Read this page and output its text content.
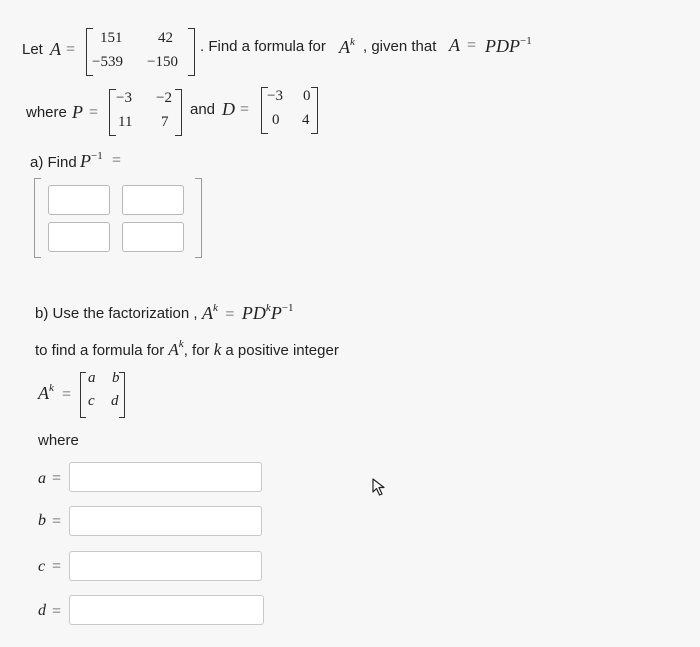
Let A =
151 42
−539 −150
. Find a formula for $A^k$ , given that $A = PDP^{-1}$
where P =
−3 −2
11 7
and D =
−3 0
0 4
a) Find $P^{-1}$ =
b) Use the factorization , $A^k = PD^kP^{-1}$
to find a formula for $A^k$, for k a positive integer
$A^k$ =
a b
c d
where
a =
b =
c =
d =
